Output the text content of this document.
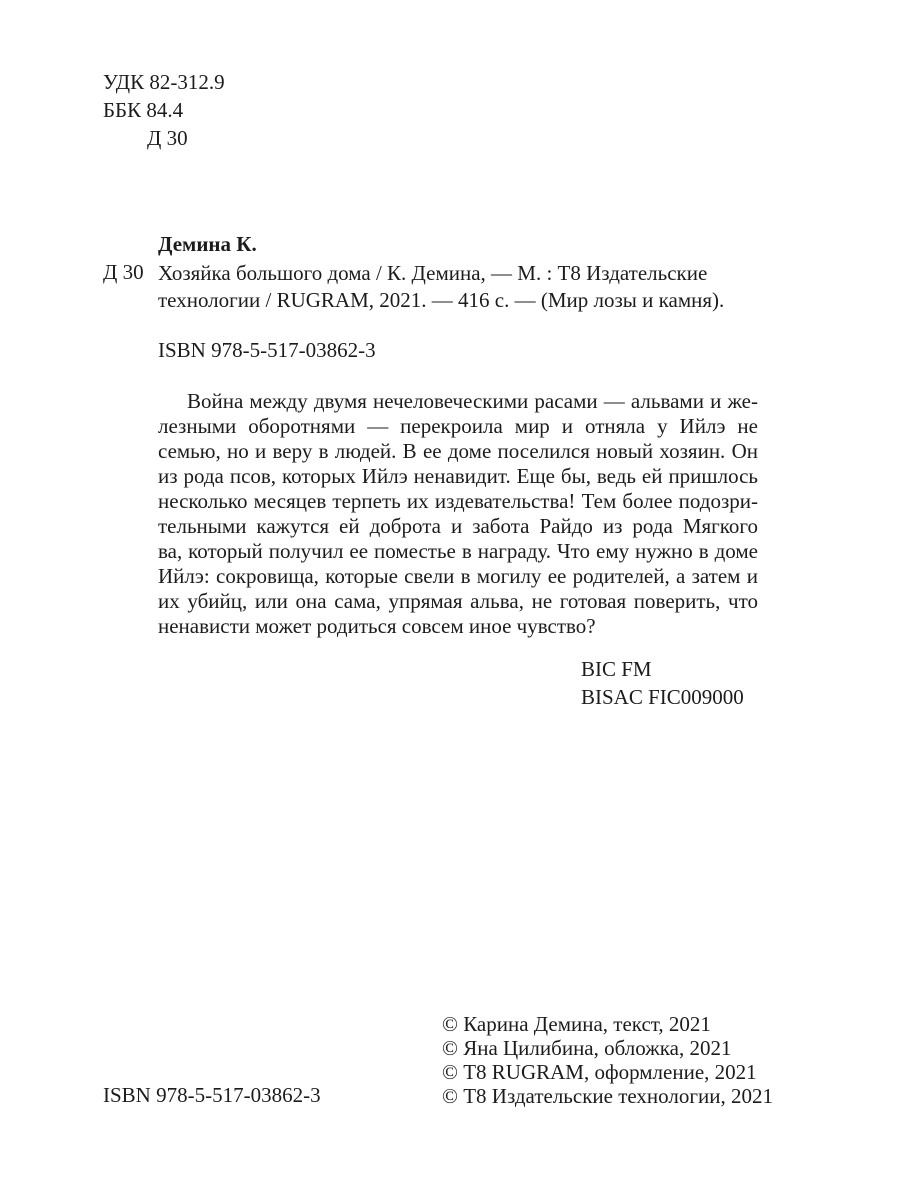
УДК 82-312.9
ББК 84.4
Д 30
Демина К.
Д 30 Хозяйка большого дома / К. Демина, — М. : Т8 Издательские
технологии / RUGRAM, 2021. — 416 с. — (Мир лозы и камня).
ISBN 978-5-517-03862-3
Война между двумя нечеловеческими расами — альвами и же-
лезными оборотнями — перекроила мир и отняла у Ийлэ не
семью, но и веру в людей. В ее доме поселился новый хозяин. Он
из рода псов, которых Ийлэ ненавидит. Еще бы, ведь ей пришлось
несколько месяцев терпеть их издевательства! Тем более подозри-
тельными кажутся ей доброта и забота Райдо из рода Мягкого
ва, который получил ее поместье в награду. Что ему нужно в доме
Ийлэ: сокровища, которые свели в могилу ее родителей, а затем и
их убийц, или она сама, упрямая альва, не готовая поверить, что
ненависти может родиться совсем иное чувство?
BIC FM
BISAC FIC009000
ISBN 978-5-517-03862-3
© Карина Демина, текст, 2021
© Яна Цилибина, обложка, 2021
© Т8 RUGRAM, оформление, 2021
© Т8 Издательские технологии, 2021
